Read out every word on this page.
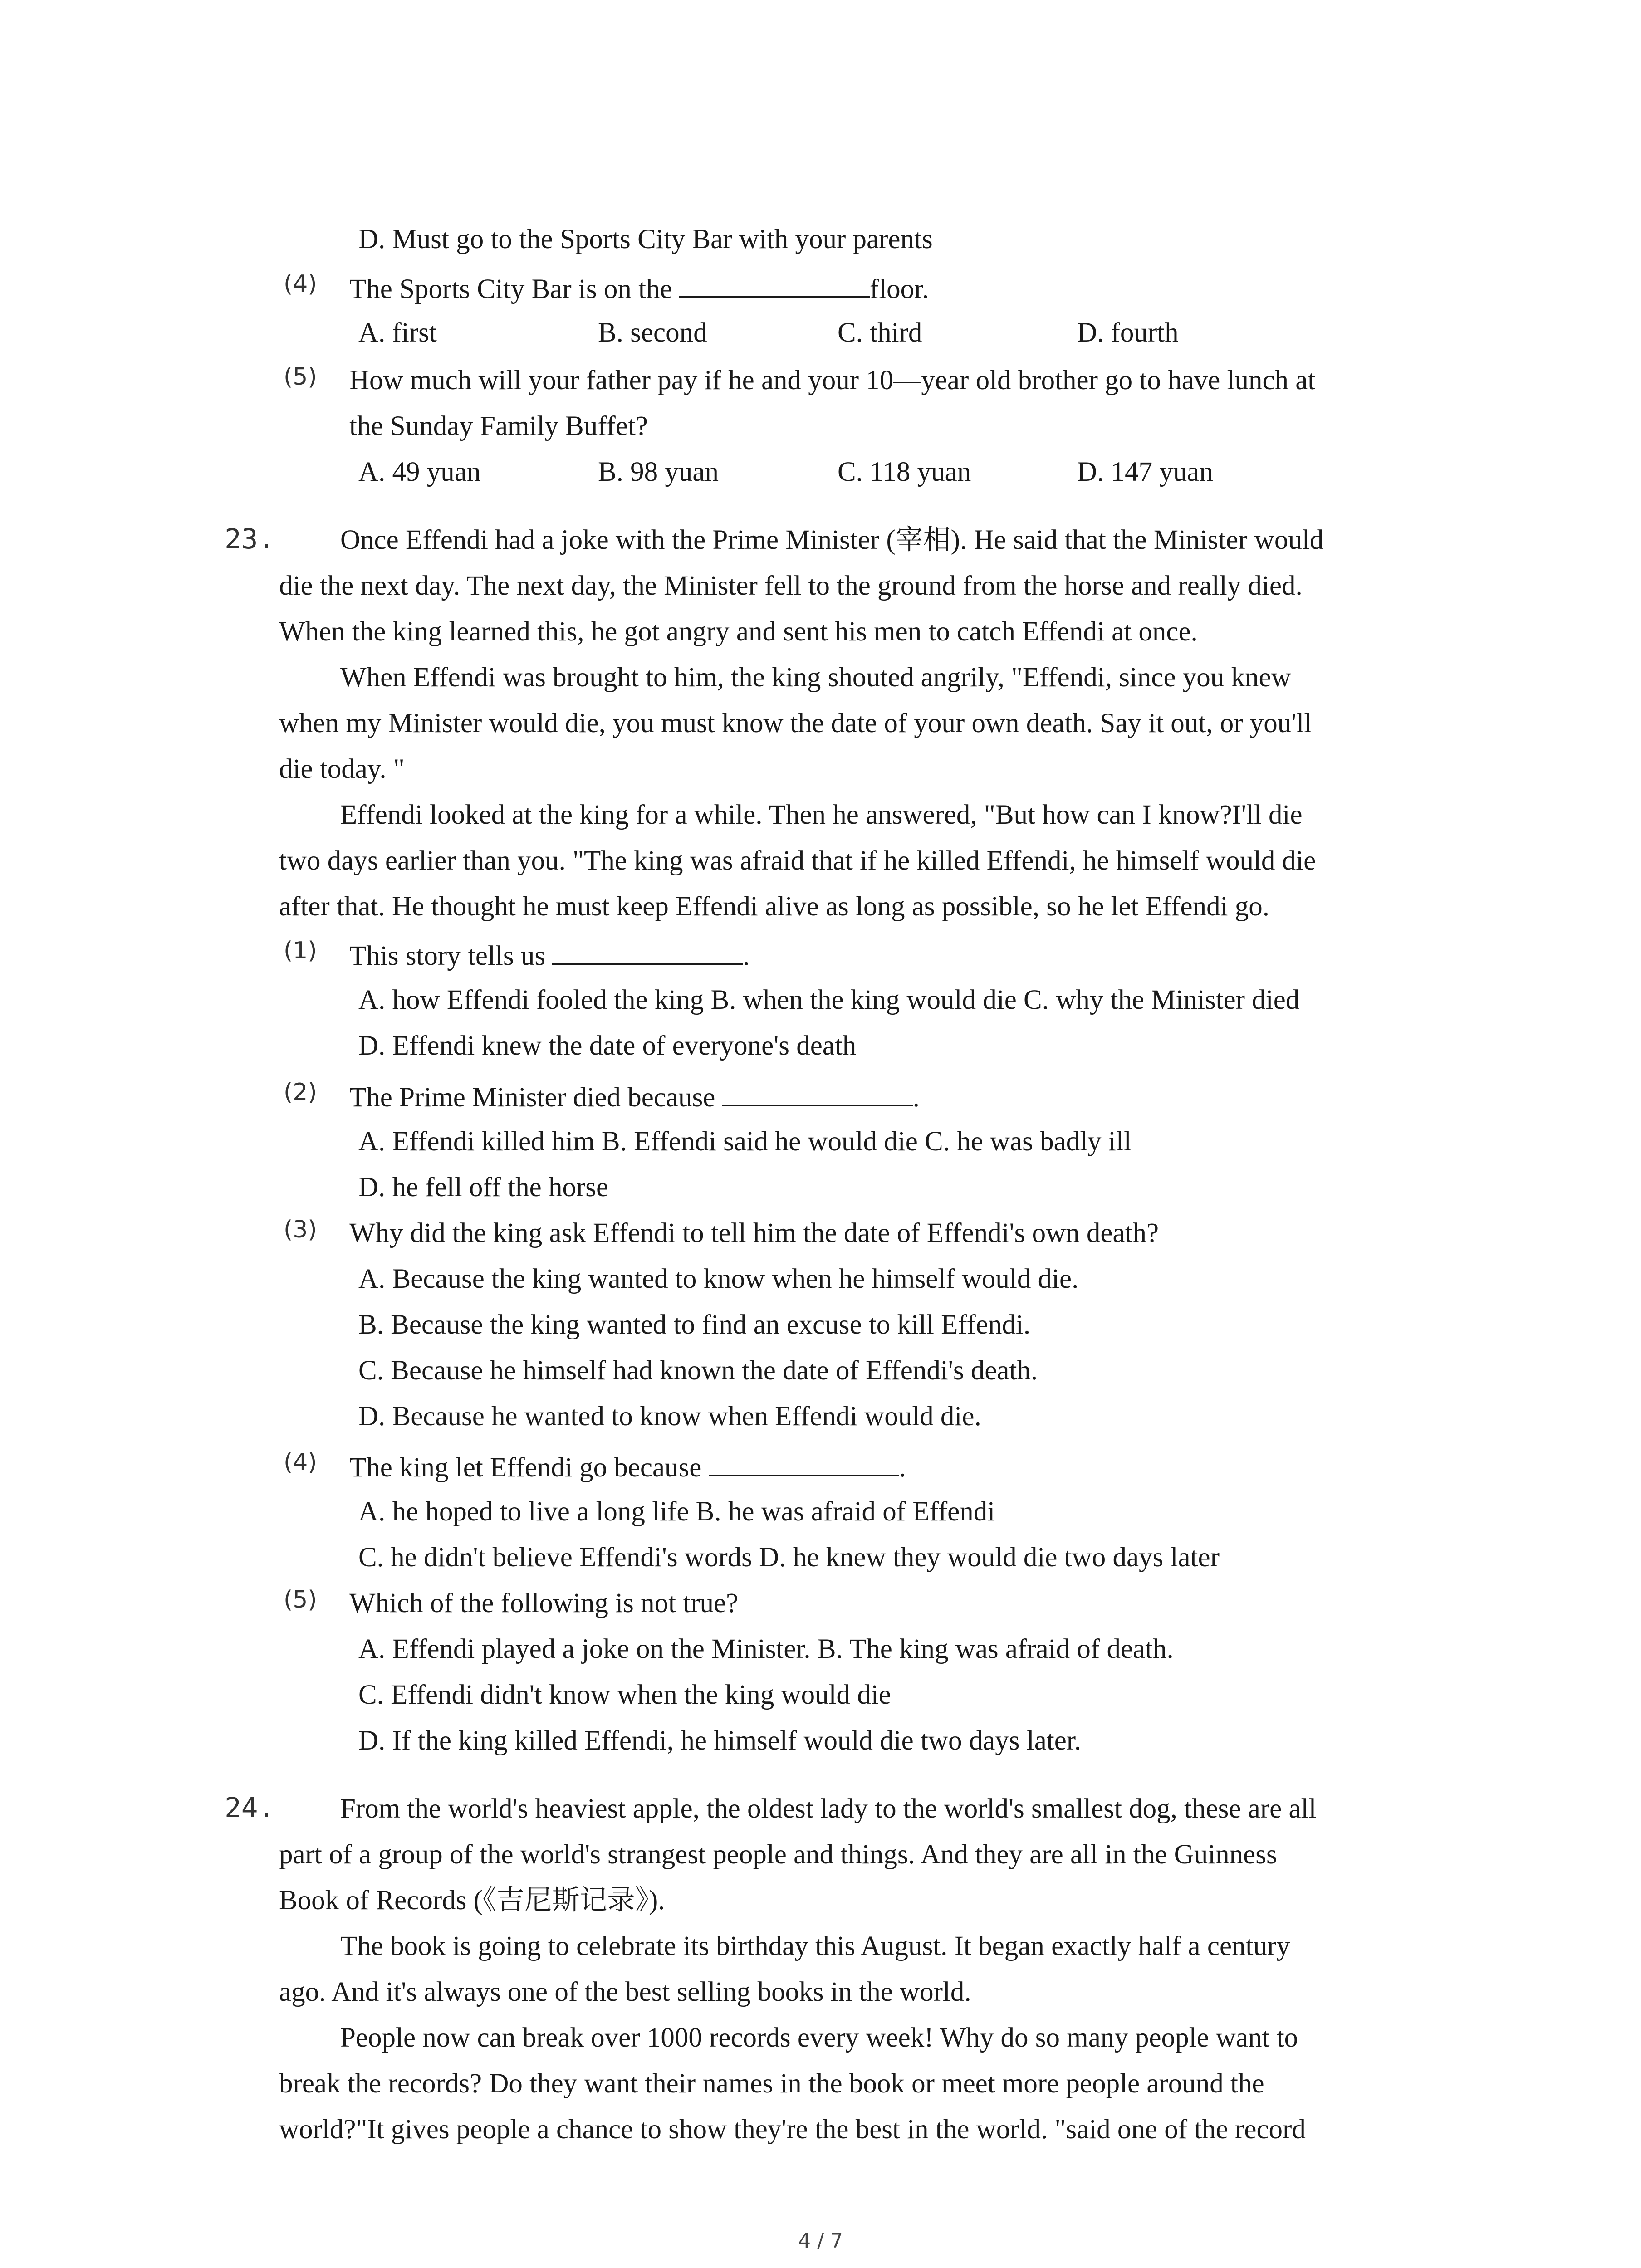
D. Must go to the Sports City Bar with your parents
(4) The Sports City Bar is on the	floor.
A. first	B. second	C. third	D. fourth
(5) How much will your father pay if he and your 10—year old brother go to have lunch at
the Sunday Family Buffet?
A. 49 yuan	B. 98 yuan	C. 118 yuan	D. 147 yuan
23. Once Effendi had a joke with the Prime Minister (宰相). He said that the Minister would
die the next day. The next day, the Minister fell to the ground from the horse and really died.
When the king learned this, he got angry and sent his men to catch Effendi at once.
When Effendi was brought to him, the king shouted angrily, "Effendi, since you knew
when my Minister would die, you must know the date of your own death. Say it out, or you'll
die today. "
Effendi looked at the king for a while. Then he answered, "But how can I know?I'll die
two days earlier than you. "The king was afraid that if he killed Effendi, he himself would die
after that. He thought he must keep Effendi alive as long as possible, so he let Effendi go.
(1) This story tells us	.
A. how Effendi fooled the king B. when the king would die C. why the Minister died
D. Effendi knew the date of everyone's death
(2) The Prime Minister died because	.
A. Effendi killed him B. Effendi said he would die C. he was badly ill
D. he fell off the horse
(3) Why did the king ask Effendi to tell him the date of Effendi's own death?
A. Because the king wanted to know when he himself would die.
B. Because the king wanted to find an excuse to kill Effendi.
C. Because he himself had known the date of Effendi's death.
D. Because he wanted to know when Effendi would die.
(4) The king let Effendi go because	.
A. he hoped to live a long life B. he was afraid of Effendi
C. he didn't believe Effendi's words D. he knew they would die two days later
(5) Which of the following is not true?
A. Effendi played a joke on the Minister. B. The king was afraid of death.
C. Effendi didn't know when the king would die
D. If the king killed Effendi, he himself would die two days later.
24. From the world's heaviest apple, the oldest lady to the world's smallest dog, these are all
part of a group of the world's strangest people and things. And they are all in the Guinness
Book of Records (《吉尼斯记录》).
The book is going to celebrate its birthday this August. It began exactly half a century
ago. And it's always one of the best selling books in the world.
People now can break over 1000 records every week! Why do so many people want to
break the records? Do they want their names in the book or meet more people around the
world?"It gives people a chance to show they're the best in the world. "said one of the record
4 / 7
